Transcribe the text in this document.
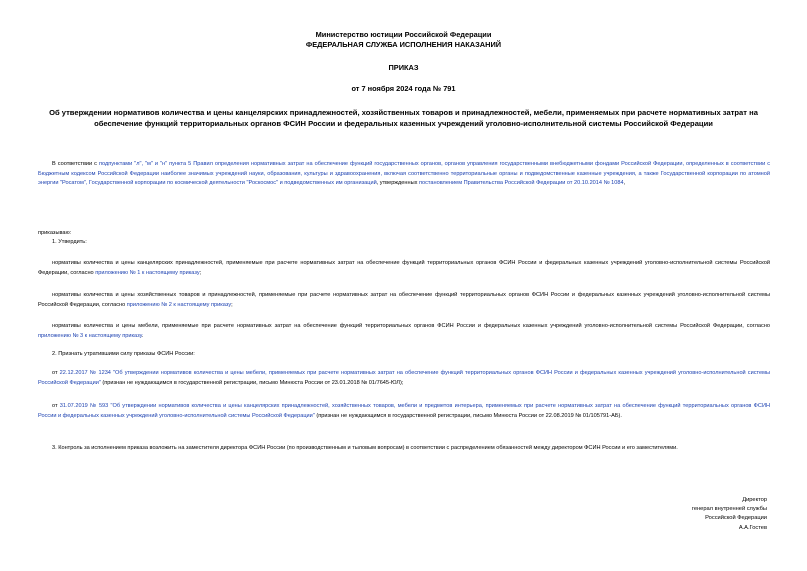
Министерство юстиции Российской Федерации
ФЕДЕРАЛЬНАЯ СЛУЖБА ИСПОЛНЕНИЯ НАКАЗАНИЙ
ПРИКАЗ
от 7 ноября 2024 года № 791
Об утверждении нормативов количества и цены канцелярских принадлежностей, хозяйственных товаров и принадлежностей, мебели, применяемых при расчете нормативных затрат на обеспечение функций территориальных органов ФСИН России и федеральных казенных учреждений уголовно-исполнительной системы Российской Федерации
В соответствии с подпунктами "л", "м" и "н" пункта 5 Правил определения нормативных затрат на обеспечение функций государственных органов, органов управления государственными внебюджетными фондами Российской Федерации, определенных в соответствии с Бюджетным кодексом Российской Федерации наиболее значимых учреждений науки, образования, культуры и здравоохранения, включая соответственно территориальные органы и подведомственные казенные учреждения, а также Государственной корпорации по атомной энергии "Росатом", Государственной корпорации по космической деятельности "Роскосмос" и подведомственных им организаций, утвержденных постановлением Правительства Российской Федерации от 20.10.2014 № 1084,
приказываю:
1. Утвердить:
нормативы количества и цены канцелярских принадлежностей, применяемые при расчете нормативных затрат на обеспечение функций территориальных органов ФСИН России и федеральных казенных учреждений уголовно-исполнительной системы Российской Федерации, согласно приложению № 1 к настоящему приказу;
нормативы количества и цены хозяйственных товаров и принадлежностей, применяемые при расчете нормативных затрат на обеспечение функций территориальных органов ФСИН России и федеральных казенных учреждений уголовно-исполнительной системы Российской Федерации, согласно приложению № 2 к настоящему приказу;
нормативы количества и цены мебели, применяемые при расчете нормативных затрат на обеспечение функций территориальных органов ФСИН России и федеральных казенных учреждений уголовно-исполнительной системы Российской Федерации, согласно приложению № 3 к настоящему приказу.
2. Признать утратившими силу приказы ФСИН России:
от 22.12.2017 № 1234 "Об утверждении нормативов количества и цены мебели, применяемых при расчете нормативных затрат на обеспечение функций территориальных органов ФСИН России и федеральных казенных учреждений уголовно-исполнительной системы Российской Федерации" (признан не нуждающимся в государственной регистрации, письмо Минюста России от 23.01.2018 № 01/7645-ЮЛ);
от 31.07.2019 № 593 "Об утверждении нормативов количества и цены канцелярских принадлежностей, хозяйственных товаров, мебели и предметов интерьера, применяемых при расчете нормативных затрат на обеспечение функций территориальных органов ФСИН России и федеральных казенных учреждений уголовно-исполнительной системы Российской Федерации" (признан не нуждающимся в государственной регистрации, письмо Минюста России от 22.08.2019 № 01/105791-АБ).
3. Контроль за исполнением приказа возложить на заместителя директора ФСИН России (по производственным и тыловым вопросам) в соответствии с распределением обязанностей между директором ФСИН России и его заместителями.
Директор
генерал внутренней службы
Российской Федерации
А.А.Гостев
